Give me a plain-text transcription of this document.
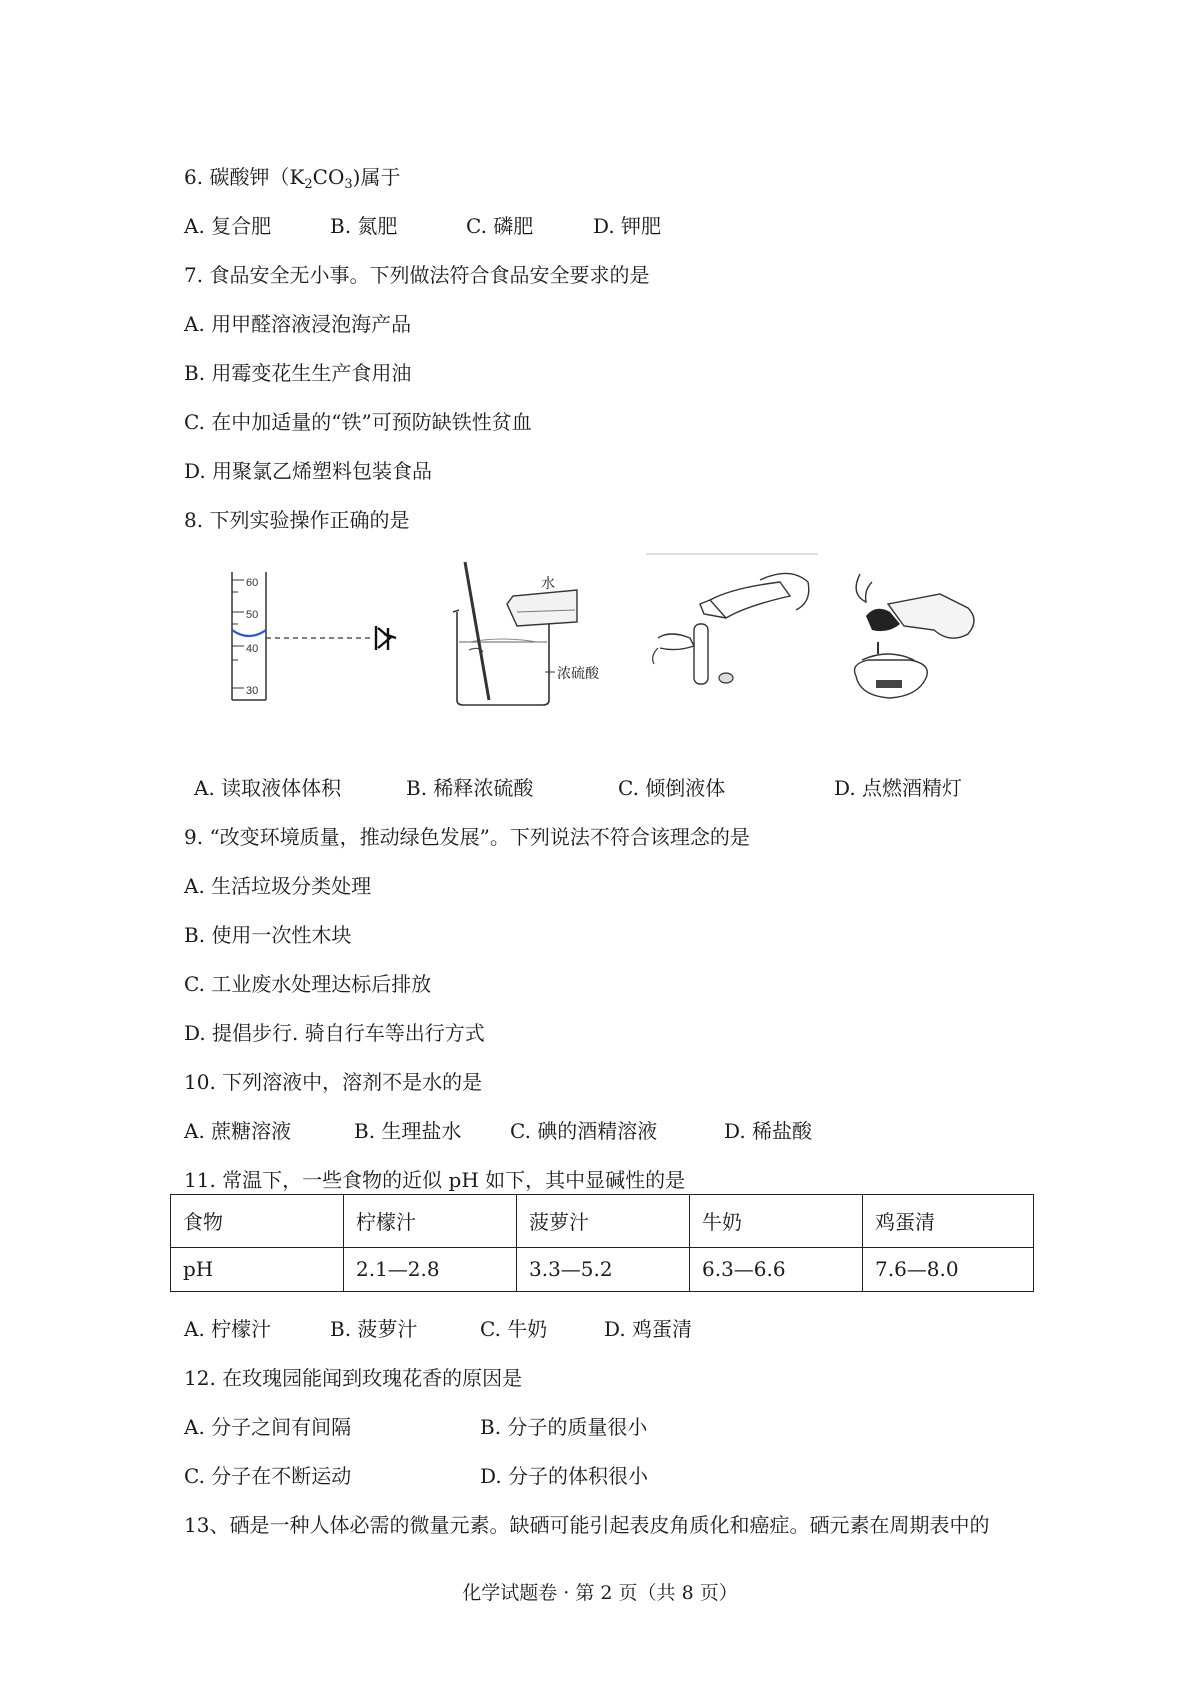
6. 碳酸钾$(K_2CO_3)$属于
A. 复合肥	B. 氮肥	C. 磷肥	D. 钾肥
7. 食品安全无小事。下列做法符合食品安全要求的是
A. 用甲醛溶液浸泡海产品
B. 用霉变花生生产食用油
C. 在中加适量的“铁”可预防缺铁性贫血
D. 用聚氯乙烯塑料包装食品
8. 下列实验操作正确的是
60
50
40
30
水
浓硫酸
A. 读取液体体积	B. 稀释浓硫酸	C. 倾倒液体	D. 点燃酒精灯
9. “改变环境质量，推动绿色发展”。下列说法不符合该理念的是
A. 生活垃圾分类处理
B. 使用一次性木块
C. 工业废水处理达标后排放
D. 提倡步行. 骑自行车等出行方式
10. 下列溶液中，溶剂不是水的是
A. 蔗糖溶液	B. 生理盐水 C. 碘的酒精溶液	D. 稀盐酸
11. 常温下，一些食物的近似 pH 如下，其中显碱性的是
食物	柠檬汁	菠萝汁	牛奶	鸡蛋清
pH	2.1—2.8	3.3—5.2	6.3—6.6	7.6—8.0
A. 柠檬汁	B. 菠萝汁	C. 牛奶	D. 鸡蛋清
12. 在玫瑰园能闻到玫瑰花香的原因是
A. 分子之间有间隔	B. 分子的质量很小
C. 分子在不断运动	D. 分子的体积很小
13、硒是一种人体必需的微量元素。缺硒可能引起表皮角质化和癌症。硒元素在周期表中的
化学试题卷 · 第 2 页（共 8 页）
